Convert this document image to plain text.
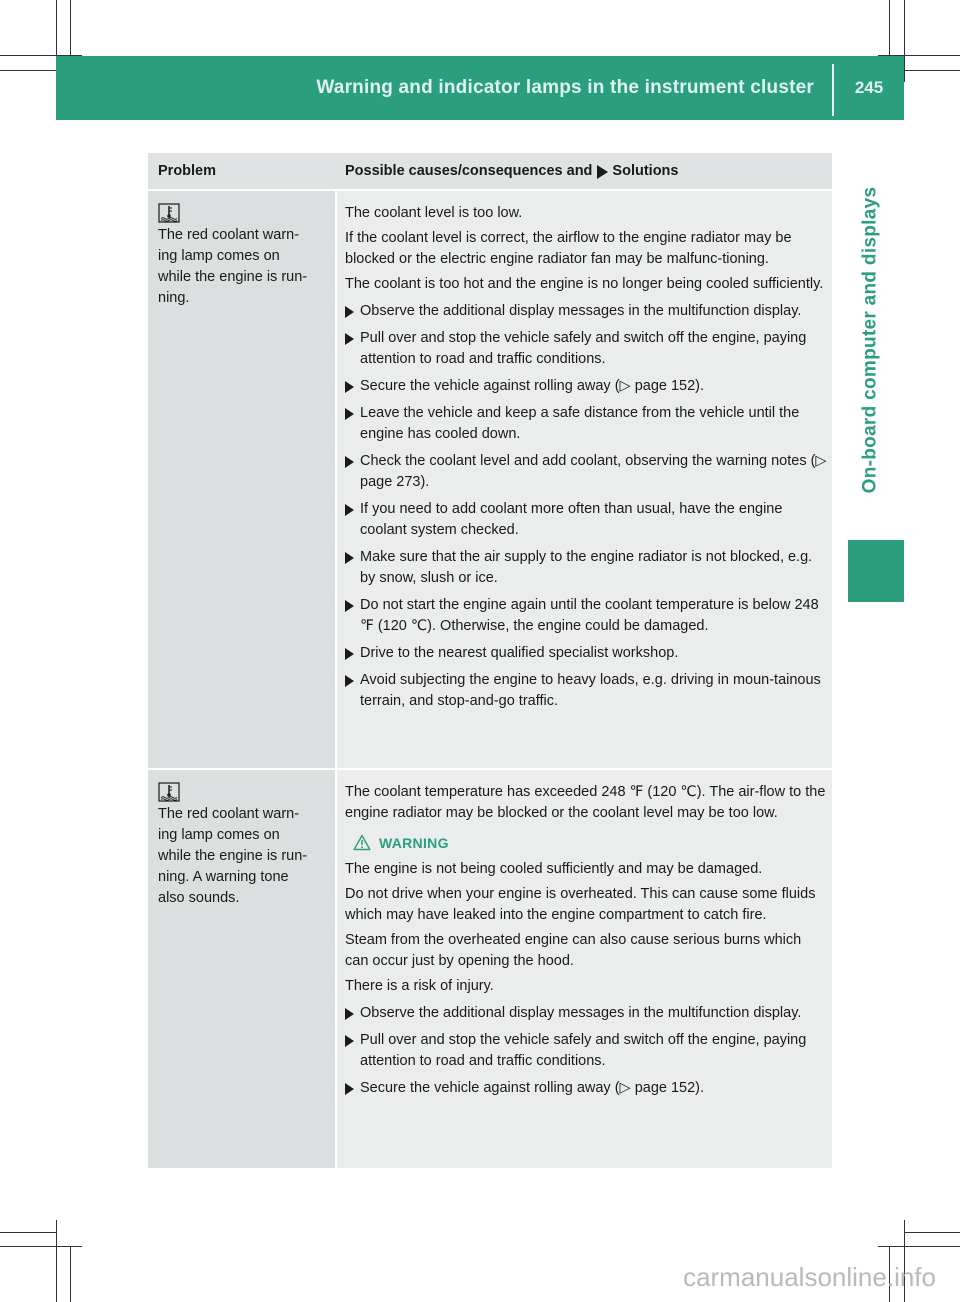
Warning and indicator lamps in the instrument cluster	245
On-board computer and displays
Problem	Possible causes/consequences and Solutions
The red coolant warn-
ing lamp comes on
while the engine is run-
ning.

The coolant level is too low.

If the coolant level is correct, the airflow to the engine radiator may be blocked or the electric engine radiator fan may be malfunc-tioning.

The coolant is too hot and the engine is no longer being cooled sufficiently.

Observe the additional display messages in the multifunction display.
Pull over and stop the vehicle safely and switch off the engine, paying attention to road and traffic conditions.
Secure the vehicle against rolling away (▷ page 152).
Leave the vehicle and keep a safe distance from the vehicle until the engine has cooled down.
Check the coolant level and add coolant, observing the warning notes (▷ page 273).
If you need to add coolant more often than usual, have the engine coolant system checked.
Make sure that the air supply to the engine radiator is not blocked, e.g. by snow, slush or ice.
Do not start the engine again until the coolant temperature is below 248 ℉ (120 ℃). Otherwise, the engine could be damaged.
Drive to the nearest qualified specialist workshop.
Avoid subjecting the engine to heavy loads, e.g. driving in moun-tainous terrain, and stop-and-go traffic.
The red coolant warn-
ing lamp comes on
while the engine is run-
ning. A warning tone
also sounds.

The coolant temperature has exceeded 248 ℉ (120 ℃). The air-flow to the engine radiator may be blocked or the coolant level may be too low.

WARNING

The engine is not being cooled sufficiently and may be damaged.

Do not drive when your engine is overheated. This can cause some fluids which may have leaked into the engine compartment to catch fire.

Steam from the overheated engine can also cause serious burns which can occur just by opening the hood.

There is a risk of injury.

Observe the additional display messages in the multifunction display.
Pull over and stop the vehicle safely and switch off the engine, paying attention to road and traffic conditions.
Secure the vehicle against rolling away (▷ page 152).
carmanualsonline.info
